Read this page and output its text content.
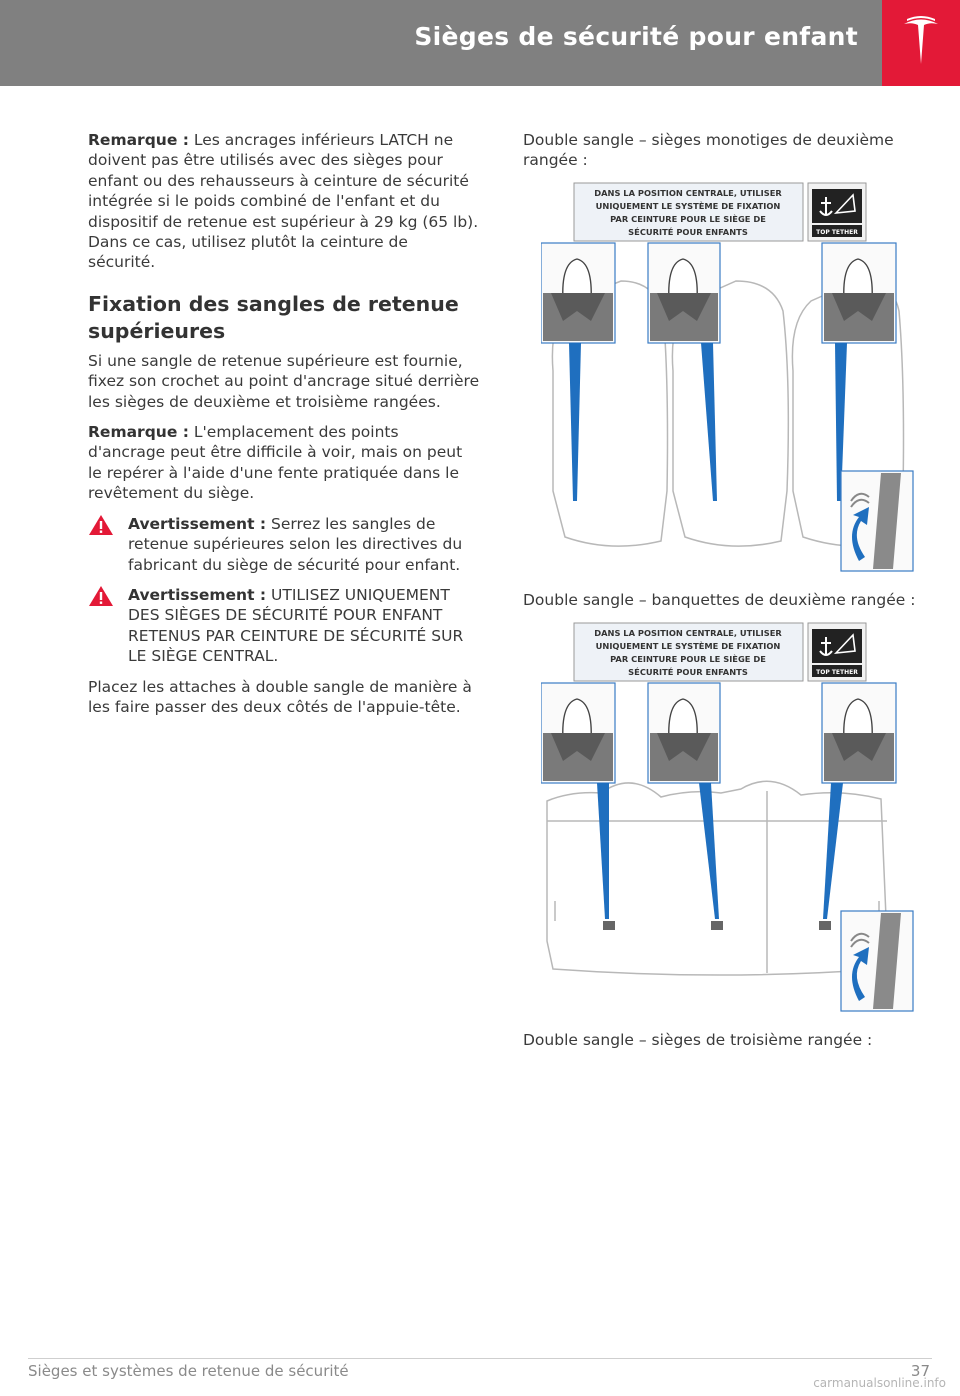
Sièges de sécurité pour enfant

Remarque : Les ancrages inférieurs LATCH ne doivent pas être utilisés avec des sièges pour enfant ou des rehausseurs à ceinture de sécurité intégrée si le poids combiné de l'enfant et du dispositif de retenue est supérieur à 29 kg (65 lb). Dans ce cas, utilisez plutôt la ceinture de sécurité.

Fixation des sangles de retenue supérieures

Si une sangle de retenue supérieure est fournie, fixez son crochet au point d'ancrage situé derrière les sièges de deuxième et troisième rangées.

Remarque : L'emplacement des points d'ancrage peut être difficile à voir, mais on peut le repérer à l'aide d'une fente pratiquée dans le revêtement du siège.

Avertissement : Serrez les sangles de retenue supérieures selon les directives du fabricant du siège de sécurité pour enfant.
Avertissement : UTILISEZ UNIQUEMENT DES SIÈGES DE SÉCURITÉ POUR ENFANT RETENUS PAR CEINTURE DE SÉCURITÉ SUR LE SIÈGE CENTRAL.

Placez les attaches à double sangle de manière à les faire passer des deux côtés de l'appuie-tête.

Double sangle – sièges monotiges de deuxième rangée :

DANS LA POSITION CENTRALE, UTILISER
UNIQUEMENT LE SYSTÈME DE FIXATION
PAR CEINTURE POUR LE SIÈGE DE
SÉCURITÉ POUR ENFANTS	TOP TETHER

Double sangle – banquettes de deuxième rangée :

DANS LA POSITION CENTRALE, UTILISER
UNIQUEMENT LE SYSTÈME DE FIXATION
PAR CEINTURE POUR LE SIÈGE DE
SÉCURITÉ POUR ENFANTS	TOP TETHER

Double sangle – sièges de troisième rangée :

Sièges et systèmes de retenue de sécurité	37
carmanualsonline.info
